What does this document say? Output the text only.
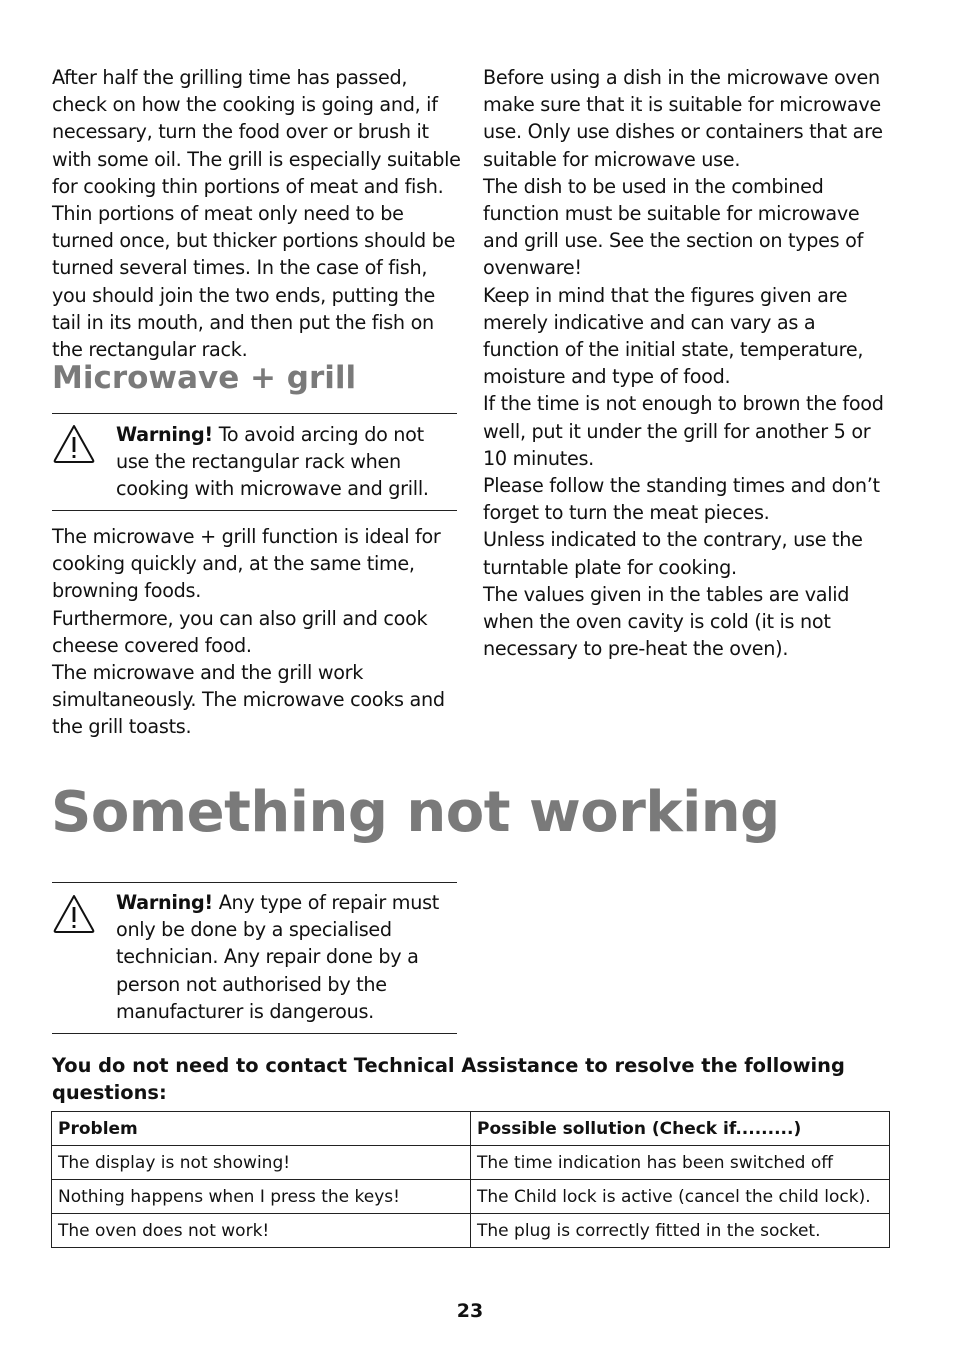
After half the grilling time has passed, check on how the cooking is going and, if necessary, turn the food over or brush it with some oil. The grill is especially suitable for cooking thin portions of meat and fish. Thin portions of meat only need to be turned once, but thicker portions should be turned several times. In the case of fish, you should join the two ends, putting the tail in its mouth, and then put the fish on the rectangular rack.

Microwave + grill

Warning! To avoid arcing do not use the rectangular rack when cooking with microwave and grill.

The microwave + grill function is ideal for cooking quickly and, at the same time, browning foods.

Furthermore, you can also grill and cook cheese covered food.

The microwave and the grill work simultaneously. The microwave cooks and the grill toasts.

Before using a dish in the microwave oven make sure that it is suitable for microwave use. Only use dishes or containers that are suitable for microwave use.

The dish to be used in the combined function must be suitable for microwave and grill use. See the section on types of ovenware!

Keep in mind that the figures given are merely indicative and can vary as a function of the initial state, temperature, moisture and type of food.

If the time is not enough to brown the food well, put it under the grill for another 5 or 10 minutes.

Please follow the standing times and don’t forget to turn the meat pieces.

Unless indicated to the contrary, use the turntable plate for cooking.

The values given in the tables are valid when the oven cavity is cold (it is not necessary to pre-heat the oven).

Something not working

Warning! Any type of repair must only be done by a specialised technician. Any repair done by a person not authorised by the manufacturer is dangerous.

You do not need to contact Technical Assistance to resolve the following questions:

Problem	Possible sollution (Check if.........)
The display is not showing!	The time indication has been switched off
Nothing happens when I press the keys!	The Child lock is active (cancel the child lock).
The oven does not work!	The plug is correctly fitted in the socket.
23
